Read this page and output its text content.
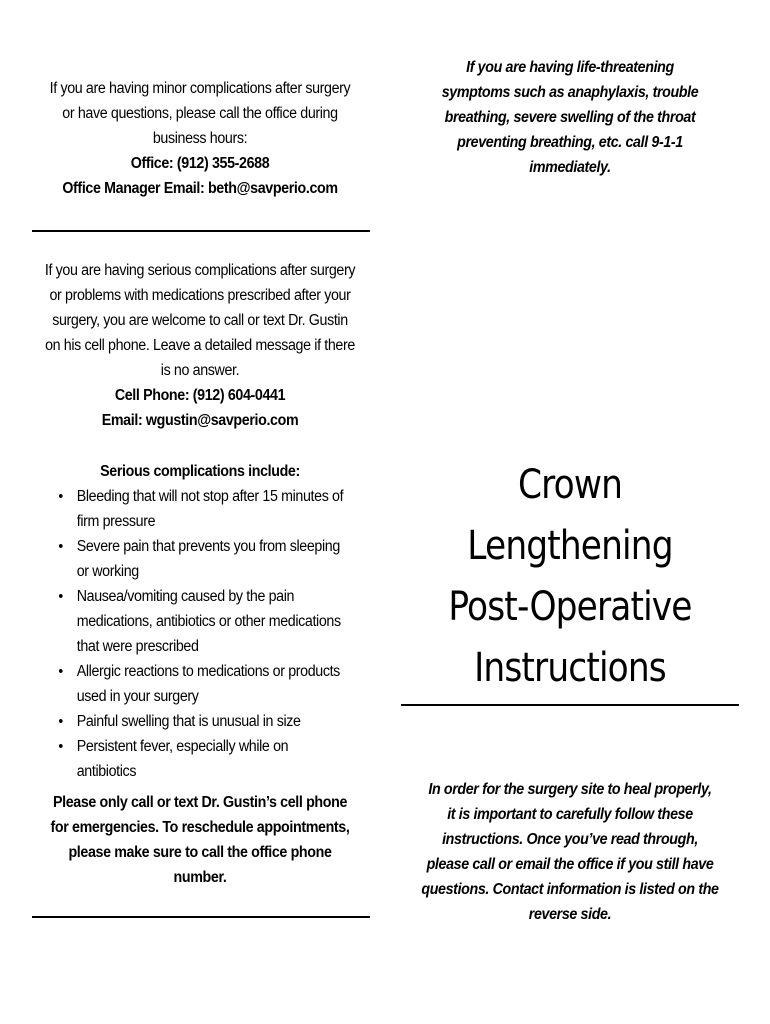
If you are having minor complications after surgery
or have questions, please call the office during
business hours:
Office: (912) 355-2688
Office Manager Email: beth@savperio.com
If you are having serious complications after surgery
or problems with medications prescribed after your
surgery, you are welcome to call or text Dr. Gustin
on his cell phone. Leave a detailed message if there
is no answer.
Cell Phone: (912) 604-0441
Email: wgustin@savperio.com
Serious complications include:
• Bleeding that will not stop after 15 minutes of firm pressure
• Severe pain that prevents you from sleeping or working
• Nausea/vomiting caused by the pain medications, antibiotics or other medications that were prescribed
• Allergic reactions to medications or products used in your surgery
• Painful swelling that is unusual in size
• Persistent fever, especially while on antibiotics
Please only call or text Dr. Gustin’s cell phone
for emergencies. To reschedule appointments,
please make sure to call the office phone
number.
If you are having life-threatening
symptoms such as anaphylaxis, trouble
breathing, severe swelling of the throat
preventing breathing, etc. call 9-1-1
immediately.
Crown Lengthening
Post-Operative
Instructions
In order for the surgery site to heal properly,
it is important to carefully follow these
instructions. Once you’ve read through,
please call or email the office if you still have
questions. Contact information is listed on the
reverse side.
